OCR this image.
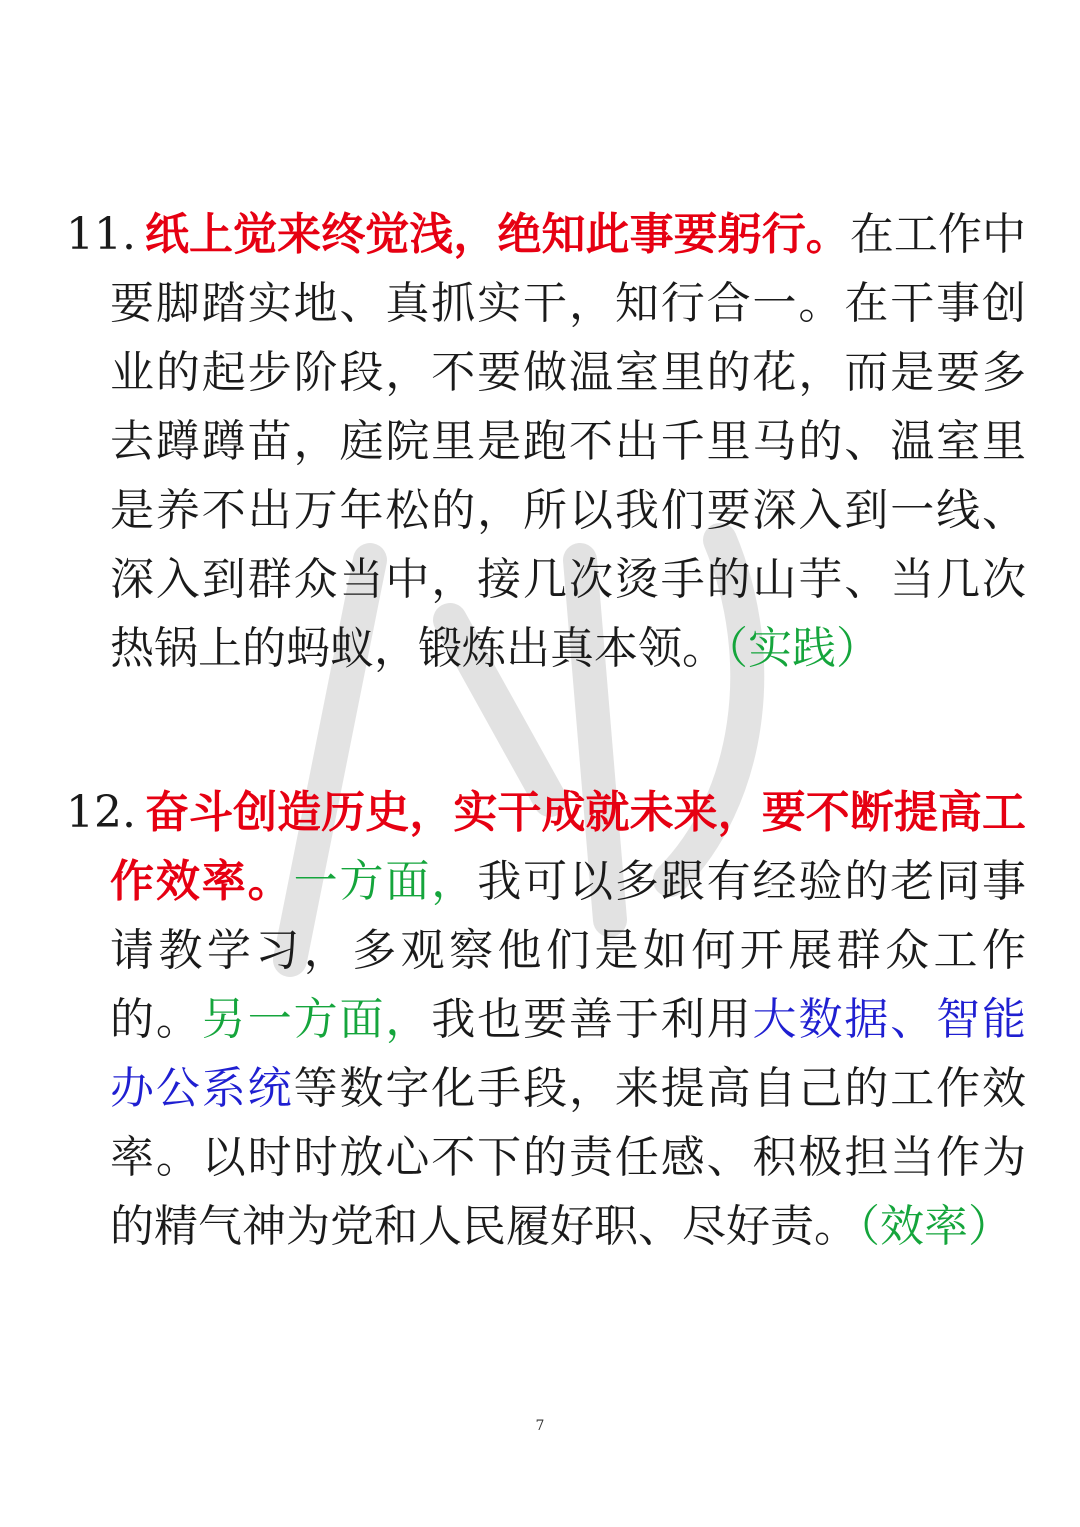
11. 纸上觉来终觉浅，绝知此事要躬行。在工作中要脚踏实地、真抓实干，知行合一。在干事创业的起步阶段，不要做温室里的花，而是要多去蹲蹲苗，庭院里是跑不出千里马的、温室里是养不出万年松的，所以我们要深入到一线、深入到群众当中，接几次烫手的山芋、当几次热锅上的蚂蚁，锻炼出真本领。（实践）

12. 奋斗创造历史，实干成就未来，要不断提高工作效率。一方面，我可以多跟有经验的老同事请教学习，多观察他们是如何开展群众工作的。另一方面，我也要善于利用大数据、智能办公系统等数字化手段，来提高自己的工作效率。以时时放心不下的责任感、积极担当作为的精气神为党和人民履好职、尽好责。（效率）

7
